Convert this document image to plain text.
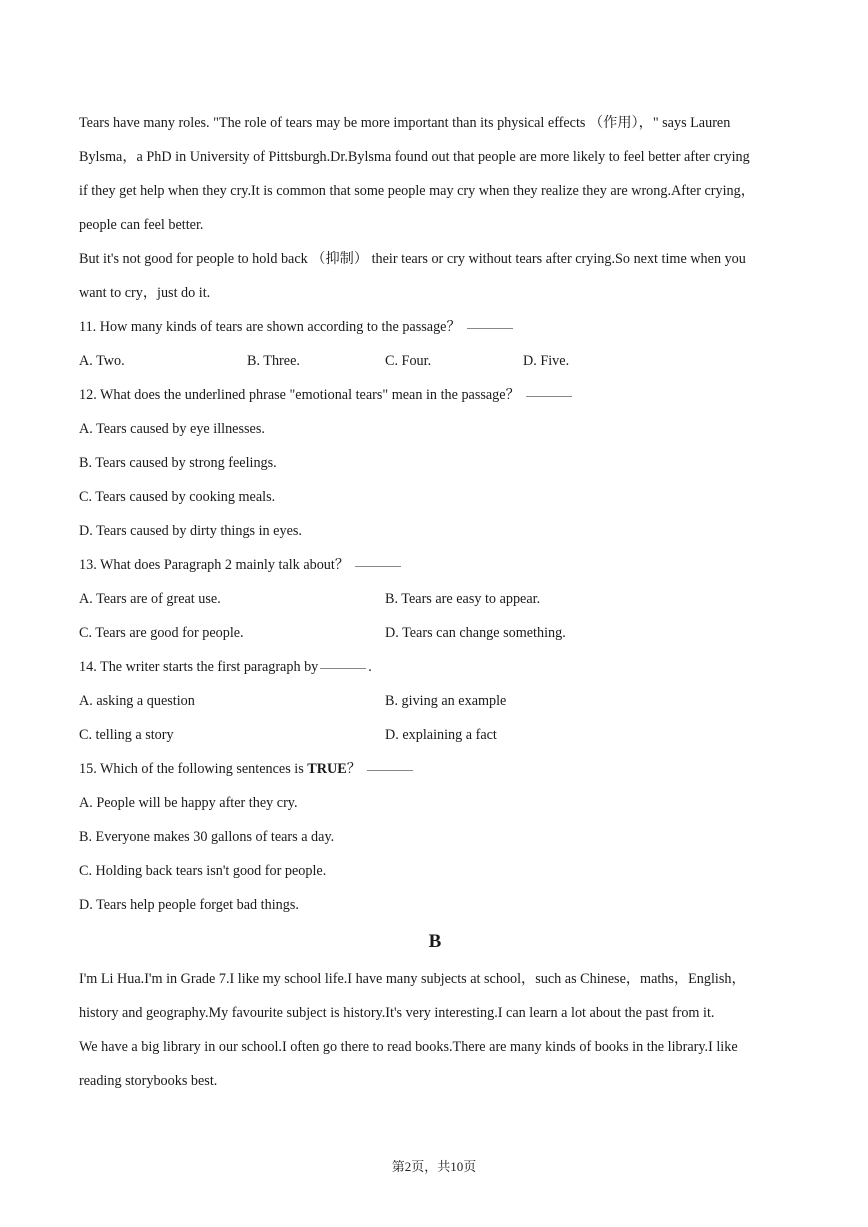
Tears have many roles. "The role of tears may be more important than its physical effects （作用），" says Lauren

Bylsma，a PhD in University of Pittsburgh.Dr.Bylsma found out that people are more likely to feel better after crying

if they get help when they cry.It is common that some people may cry when they realize they are wrong.After crying，

people can feel better.

But it's not good for people to hold back （抑制） their tears or cry without tears after crying.So next time when you

want to cry，just do it.

11. How many kinds of tears are shown according to the passage？

A. Two.	B. Three.	C. Four.	D. Five.

12. What does the underlined phrase "emotional tears" mean in the passage？

A. Tears caused by eye illnesses.

B. Tears caused by strong feelings.

C. Tears caused by cooking meals.

D. Tears caused by dirty things in eyes.

13. What does Paragraph 2 mainly talk about？

A. Tears are of great use.	B. Tears are easy to appear.
C. Tears are good for people.	D. Tears can change something.

14. The writer starts the first paragraph by	.

A. asking a question	B. giving an example
C. telling a story	D. explaining a fact

15. Which of the following sentences is TRUE？

A. People will be happy after they cry.

B. Everyone makes 30 gallons of tears a day.

C. Holding back tears isn't good for people.

D. Tears help people forget bad things.

B

I'm Li Hua.I'm in Grade 7.I like my school life.I have many subjects at school，such as Chinese，maths，English，

history and geography.My favourite subject is history.It's very interesting.I can learn a lot about the past from it.

We have a big library in our school.I often go there to read books.There are many kinds of books in the library.I like

reading storybooks best.

第2页，共10页
